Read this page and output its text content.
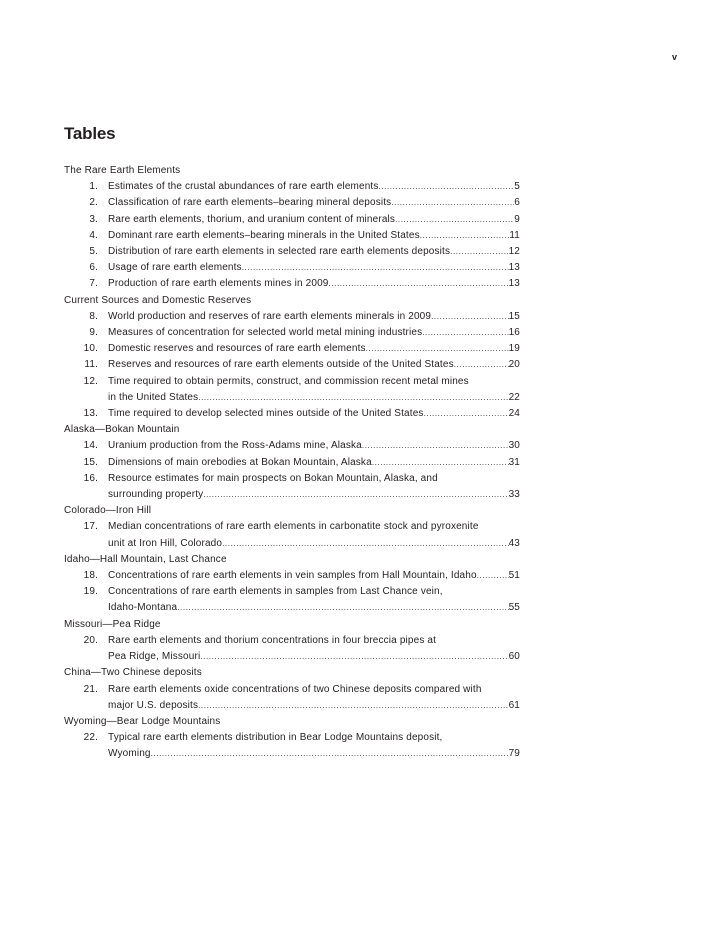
v
Tables
The Rare Earth Elements
1.	Estimates of the crustal abundances of rare earth elements .....	5
2.	Classification of rare earth elements–bearing mineral deposits .....	6
3.	Rare earth elements, thorium, and uranium content of minerals .....	9
4.	Dominant rare earth elements–bearing minerals in the United States .....	11
5.	Distribution of rare earth elements in selected rare earth elements deposits .....	12
6.	Usage of rare earth elements .....	13
7.	Production of rare earth elements mines in 2009 .....	13
Current Sources and Domestic Reserves
8.	World production and reserves of rare earth elements minerals in 2009 .....	15
9.	Measures of concentration for selected world metal mining industries .....	16
10.	Domestic reserves and resources of rare earth elements .....	19
11.	Reserves and resources of rare earth elements outside of the United States .....	20
12.	Time required to obtain permits, construct, and commission recent metal mines
in the United States .....	22
13.	Time required to develop selected mines outside of the United States .....	24
Alaska—Bokan Mountain
14.	Uranium production from the Ross-Adams mine, Alaska .....	30
15.	Dimensions of main orebodies at Bokan Mountain, Alaska .....	31
16.	Resource estimates for main prospects on Bokan Mountain, Alaska, and
surrounding property .....	33
Colorado—Iron Hill
17.	Median concentrations of rare earth elements in carbonatite stock and pyroxenite
unit at Iron Hill, Colorado .....	43
Idaho—Hall Mountain, Last Chance
18.	Concentrations of rare earth elements in vein samples from Hall Mountain, Idaho .....	51
19.	Concentrations of rare earth elements in samples from Last Chance vein,
Idaho-Montana .....	55
Missouri—Pea Ridge
20.	Rare earth elements and thorium concentrations in four breccia pipes at
Pea Ridge, Missouri .....	60
China—Two Chinese deposits
21.	Rare earth elements oxide concentrations of two Chinese deposits compared with
major U.S. deposits .....	61
Wyoming—Bear Lodge Mountains
22.	Typical rare earth elements distribution in Bear Lodge Mountains deposit,
Wyoming .....	79
